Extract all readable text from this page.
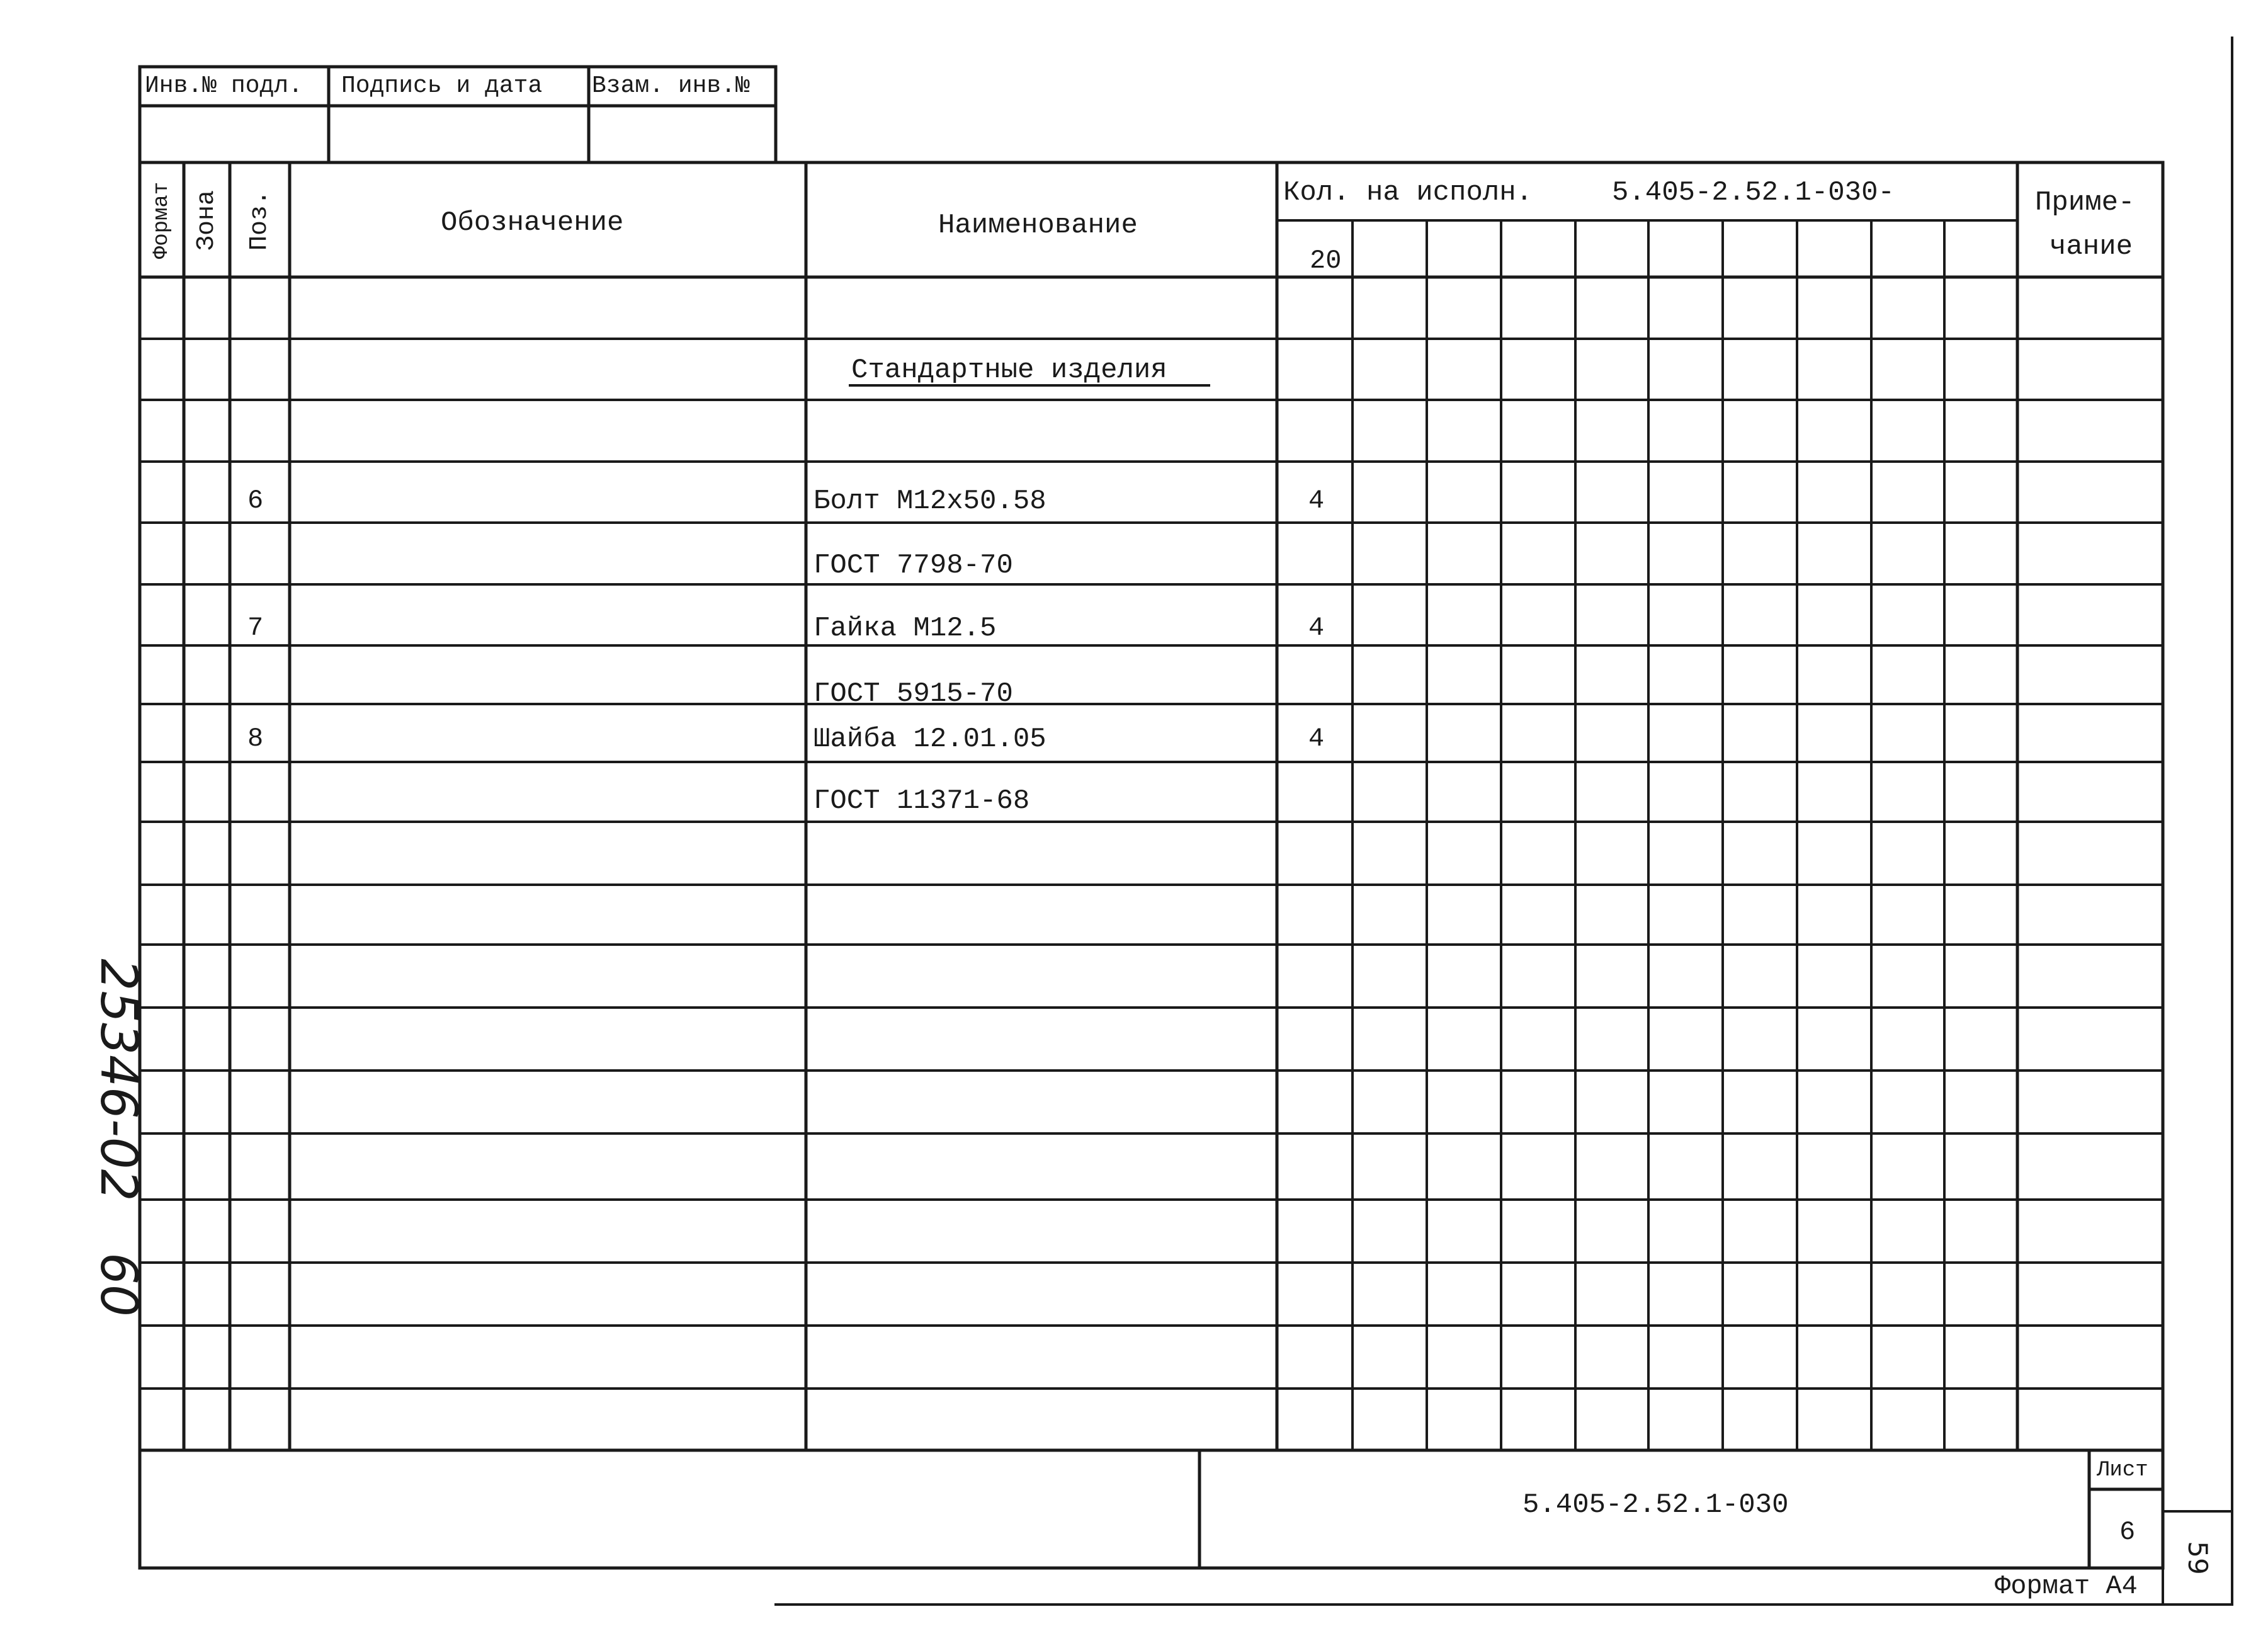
Инв.№ подл. Подпись и дата Взам. инв.№
Формат Зона Поз.	Обозначение	Наименование
Кол. на исполн.	5.405-2.52.1-030-
20
Приме-
чание
Стандартные изделия
6	Болт М12х50.58	4
ГОСТ 7798-70
7	Гайка М12.5	4
ГОСТ 5915-70
8	Шайба 12.01.05	4
ГОСТ 11371-68
5.405-2.52.1-030
Лист
6
Формат А4
25346-02
60
59
